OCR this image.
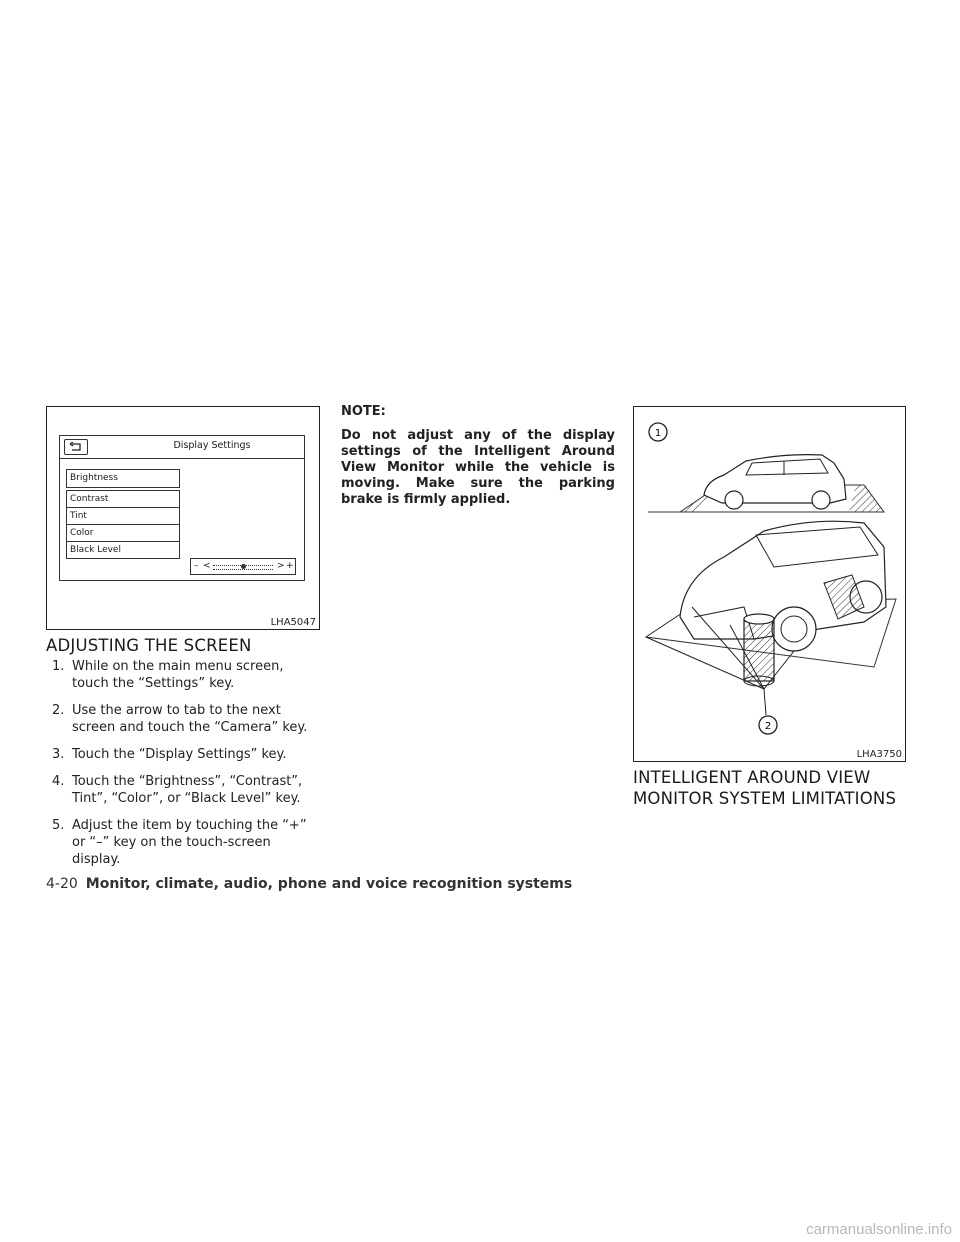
Display Settings
Brightness
Contrast
Tint
Color
Black Level
– <	> +
LHA5047
ADJUSTING THE SCREEN
1. While on the main menu screen, touch the “Settings” key.
2. Use the arrow to tab to the next screen and touch the “Camera” key.
3. Touch the “Display Settings” key.
4. Touch the “Brightness”, “Contrast”, Tint”, “Color”, or “Black Level” key.
5. Adjust the item by touching the “+” or “–” key on the touch-screen display.
NOTE:
Do not adjust any of the display settings of the Intelligent Around View Monitor while the vehicle is moving. Make sure the parking brake is firmly applied.
1
2
LHA3750
INTELLIGENT AROUND VIEW
MONITOR SYSTEM LIMITATIONS
4-20 Monitor, climate, audio, phone and voice recognition systems
carmanualsonline.info
